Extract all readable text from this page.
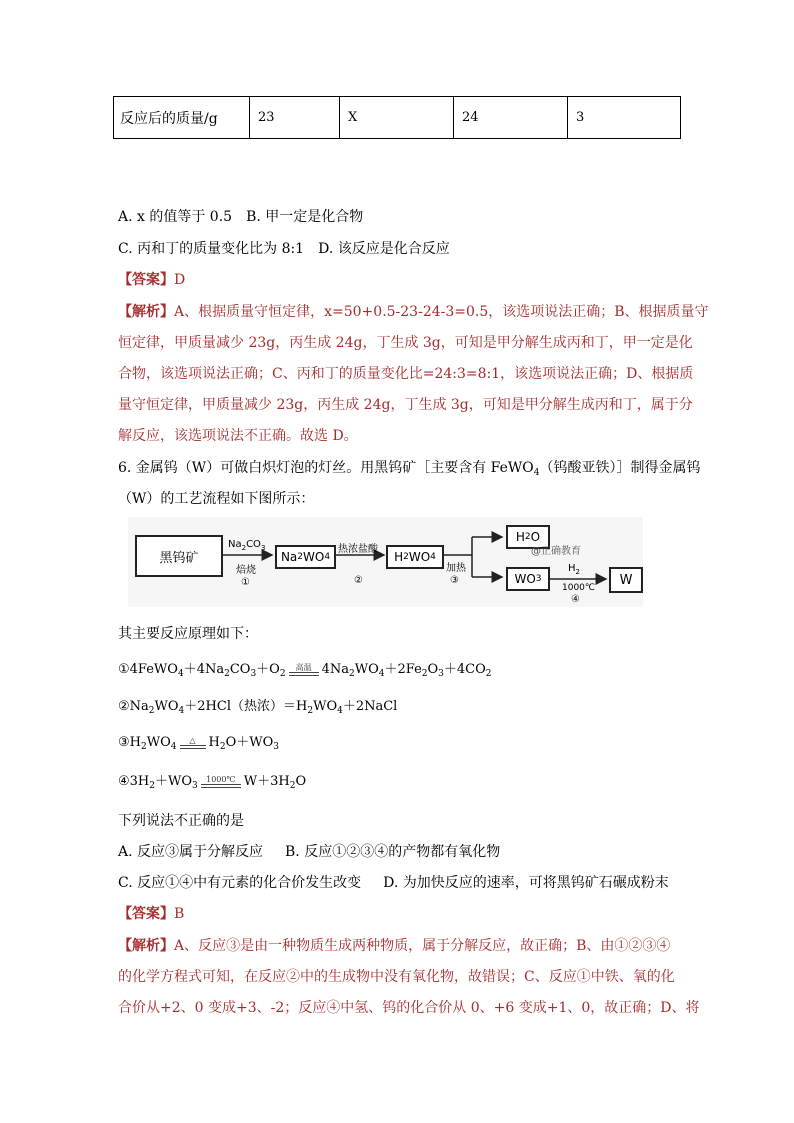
反应后的质量/g	23	X	24	3
A. x 的值等于 0.5 B. 甲一定是化合物
C. 丙和丁的质量变化比为 8:1 D. 该反应是化合反应
【答案】D
【解析】A、根据质量守恒定律，x=50+0.5-23-24-3=0.5，该选项说法正确；B、根据质量守
恒定律，甲质量减少 23g，丙生成 24g，丁生成 3g，可知是甲分解生成丙和丁，甲一定是化
合物，该选项说法正确；C、丙和丁的质量变化比=24:3=8:1，该选项说法正确；D、根据质
量守恒定律，甲质量减少 23g，丙生成 24g，丁生成 3g，可知是甲分解生成丙和丁，属于分
解反应，该选项说法不正确。故选 D。
6. 金属钨（W）可做白炽灯泡的灯丝。用黑钨矿［主要含有 FeWO$_4$（钨酸亚铁）］制得金属钨
（W）的工艺流程如下图所示：
黑钨矿
$Na_2CO_3$
焙烧
①
Na 2 WO 4
热浓盐酸
②
H 2 WO 4
加热
③
H 2 O
@正确教育
WO 3
$H_2$
1000℃
④
W
其主要反应原理如下：
$①4FeWO_4+4Na_2CO_3+O_2$
高温 $4Na_2WO_4+2Fe_2O_3+4CO_2$
$②Na_2WO_4+2HCl$（热浓）$=H_2WO_4+2NaCl$
$③H_2WO_4$
△ $H_2O+WO_3$
$④3H_2+WO_3$
1000℃ $W+3H_2O$
下列说法不正确的是
A. 反应③属于分解反应 B. 反应①②③④的产物都有氧化物
C. 反应①④中有元素的化合价发生改变 D. 为加快反应的速率，可将黑钨矿石碾成粉末
【答案】B
【解析】A、反应③是由一种物质生成两种物质，属于分解反应，故正确；B、由①②③④
的化学方程式可知，在反应②中的生成物中没有氧化物，故错误；C、反应①中铁、氧的化
合价从+2、0 变成+3、-2；反应④中氢、钨的化合价从 0、+6 变成+1、0，故正确；D、将
